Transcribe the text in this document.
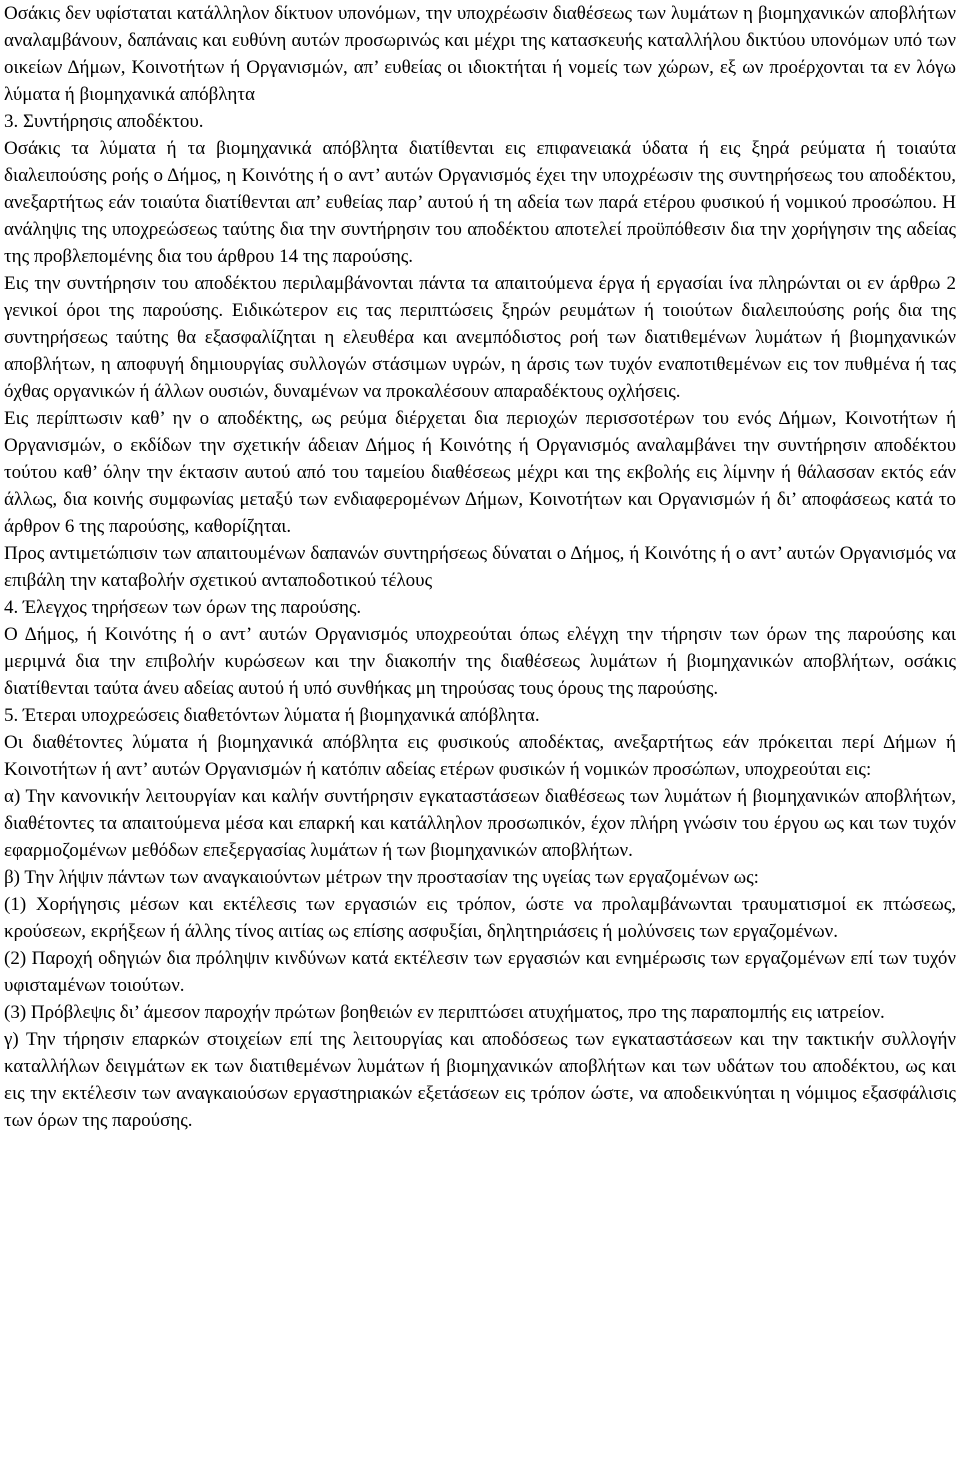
Οσάκις δεν υφίσταται κατάλληλον δίκτυον υπονόμων, την υποχρέωσιν διαθέσεως των λυμάτων η βιομηχανικών αποβλήτων αναλαμβάνουν, δαπάναις και ευθύνη αυτών προσωρινώς και μέχρι της κατασκευής καταλλήλου δικτύου υπονόμων υπό των οικείων Δήμων, Κοινοτήτων ή Οργανισμών, απ’ ευθείας οι ιδιοκτήται ή νομείς των χώρων, εξ ων προέρχονται τα εν λόγω λύματα ή βιομηχανικά απόβλητα

3. Συντήρησις αποδέκτου.

Οσάκις τα λύματα ή τα βιομηχανικά απόβλητα διατίθενται εις επιφανειακά ύδατα ή εις ξηρά ρεύματα ή τοιαύτα διαλειπούσης ροής ο Δήμος, η Κοινότης ή ο αντ’ αυτών Οργανισμός έχει την υποχρέωσιν της συντηρήσεως του αποδέκτου, ανεξαρτήτως εάν τοιαύτα διατίθενται απ’ ευθείας παρ’ αυτού ή τη αδεία των παρά ετέρου φυσικού ή νομικού προσώπου. Η ανάληψις της υποχρεώσεως ταύτης δια την συντήρησιν του αποδέκτου αποτελεί προϋπόθεσιν δια την χορήγησιν της αδείας της προβλεπομένης δια του άρθρου 14 της παρούσης.

Εις την συντήρησιν του αποδέκτου περιλαμβάνονται πάντα τα απαιτούμενα έργα ή εργασίαι ίνα πληρώνται οι εν άρθρω 2 γενικοί όροι της παρούσης. Ειδικώτερον εις τας περιπτώσεις ξηρών ρευμάτων ή τοιούτων διαλειπούσης ροής δια της συντηρήσεως ταύτης θα εξασφαλίζηται η ελευθέρα και ανεμπόδιστος ροή των διατιθεμένων λυμάτων ή βιομηχανικών αποβλήτων, η αποφυγή δημιουργίας συλλογών στάσιμων υγρών, η άρσις των τυχόν εναποτιθεμένων εις τον πυθμένα ή τας όχθας οργανικών ή άλλων ουσιών, δυναμένων να προκαλέσουν απαραδέκτους οχλήσεις.

Εις περίπτωσιν καθ’ ην ο αποδέκτης, ως ρεύμα διέρχεται δια περιοχών περισσοτέρων του ενός Δήμων, Κοινοτήτων ή Οργανισμών, ο εκδίδων την σχετικήν άδειαν Δήμος ή Κοινότης ή Οργανισμός αναλαμβάνει την συντήρησιν αποδέκτου τούτου καθ’ όλην την έκτασιν αυτού από του ταμείου διαθέσεως μέχρι και της εκβολής εις λίμνην ή θάλασσαν εκτός εάν άλλως, δια κοινής συμφωνίας μεταξύ των ενδιαφερομένων Δήμων, Κοινοτήτων και Οργανισμών ή δι’ αποφάσεως κατά το άρθρον 6 της παρούσης, καθορίζηται.

Προς αντιμετώπισιν των απαιτουμένων δαπανών συντηρήσεως δύναται ο Δήμος, ή Κοινότης ή ο αντ’ αυτών Οργανισμός να επιβάλη την καταβολήν σχετικού ανταποδοτικού τέλους

4. Έλεγχος τηρήσεων των όρων της παρούσης.

Ο Δήμος, ή Κοινότης ή ο αντ’ αυτών Οργανισμός υποχρεούται όπως ελέγχη την τήρησιν των όρων της παρούσης και μεριμνά δια την επιβολήν κυρώσεων και την διακοπήν της διαθέσεως λυμάτων ή βιομηχανικών αποβλήτων, οσάκις διατίθενται ταύτα άνευ αδείας αυτού ή υπό συνθήκας μη τηρούσας τους όρους της παρούσης.

5. Έτεραι υποχρεώσεις διαθετόντων λύματα ή βιομηχανικά απόβλητα.

Οι διαθέτοντες λύματα ή βιομηχανικά απόβλητα εις φυσικούς αποδέκτας, ανεξαρτήτως εάν πρόκειται περί Δήμων ή Κοινοτήτων ή αντ’ αυτών Οργανισμών ή κατόπιν αδείας ετέρων φυσικών ή νομικών προσώπων, υποχρεούται εις:

α) Την κανονικήν λειτουργίαν και καλήν συντήρησιν εγκαταστάσεων διαθέσεως των λυμάτων ή βιομηχανικών αποβλήτων, διαθέτοντες τα απαιτούμενα μέσα και επαρκή και κατάλληλον προσωπικόν, έχον πλήρη γνώσιν του έργου ως και των τυχόν εφαρμοζομένων μεθόδων επεξεργασίας λυμάτων ή των βιομηχανικών αποβλήτων.

β) Την λήψιν πάντων των αναγκαιούντων μέτρων την προστασίαν της υγείας των εργαζομένων ως:

(1) Χορήγησις μέσων και εκτέλεσις των εργασιών εις τρόπον, ώστε να προλαμβάνωνται τραυματισμοί εκ πτώσεως, κρούσεων, εκρήξεων ή άλλης τίνος αιτίας ως επίσης ασφυξίαι, δηλητηριάσεις ή μολύνσεις των εργαζομένων.

(2) Παροχή οδηγιών δια πρόληψιν κινδύνων κατά εκτέλεσιν των εργασιών και ενημέρωσις των εργαζομένων επί των τυχόν υφισταμένων τοιούτων.

(3) Πρόβλεψις δι’ άμεσον παροχήν πρώτων βοηθειών εν περιπτώσει ατυχήματος, προ της παραπομπής εις ιατρείον.

γ) Την τήρησιν επαρκών στοιχείων επί της λειτουργίας και αποδόσεως των εγκαταστάσεων και την τακτικήν συλλογήν καταλλήλων δειγμάτων εκ των διατιθεμένων λυμάτων ή βιομηχανικών αποβλήτων και των υδάτων του αποδέκτου, ως και εις την εκτέλεσιν των αναγκαιούσων εργαστηριακών εξετάσεων εις τρόπον ώστε, να αποδεικνύηται η νόμιμος εξασφάλισις των όρων της παρούσης.
